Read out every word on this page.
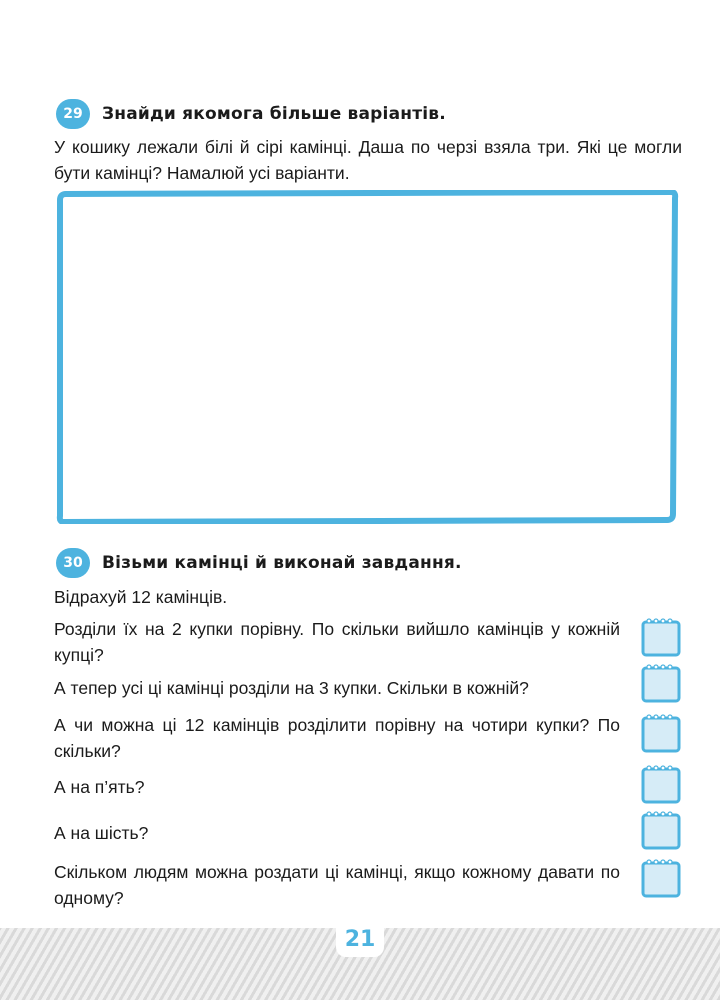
29	Знайди якомога більше варіантів.
У кошику лежали білі й сірі камінці. Даша по черзі взяла три. Які це могли бути камінці? Намалюй усі варіанти.
30	Візьми камінці й виконай завдання.
Відрахуй 12 камінців.
Розділи їх на 2 купки порівну. По скільки вийшло камінців у кожній купці?
А тепер усі ці камінці розділи на 3 купки. Скільки в кожній?
А чи можна ці 12 камінців розділити порівну на чотири купки? По скільки?
А на п’ять?
А на шість?
Скільком людям можна роздати ці камінці, якщо кожному давати по одному?
21
